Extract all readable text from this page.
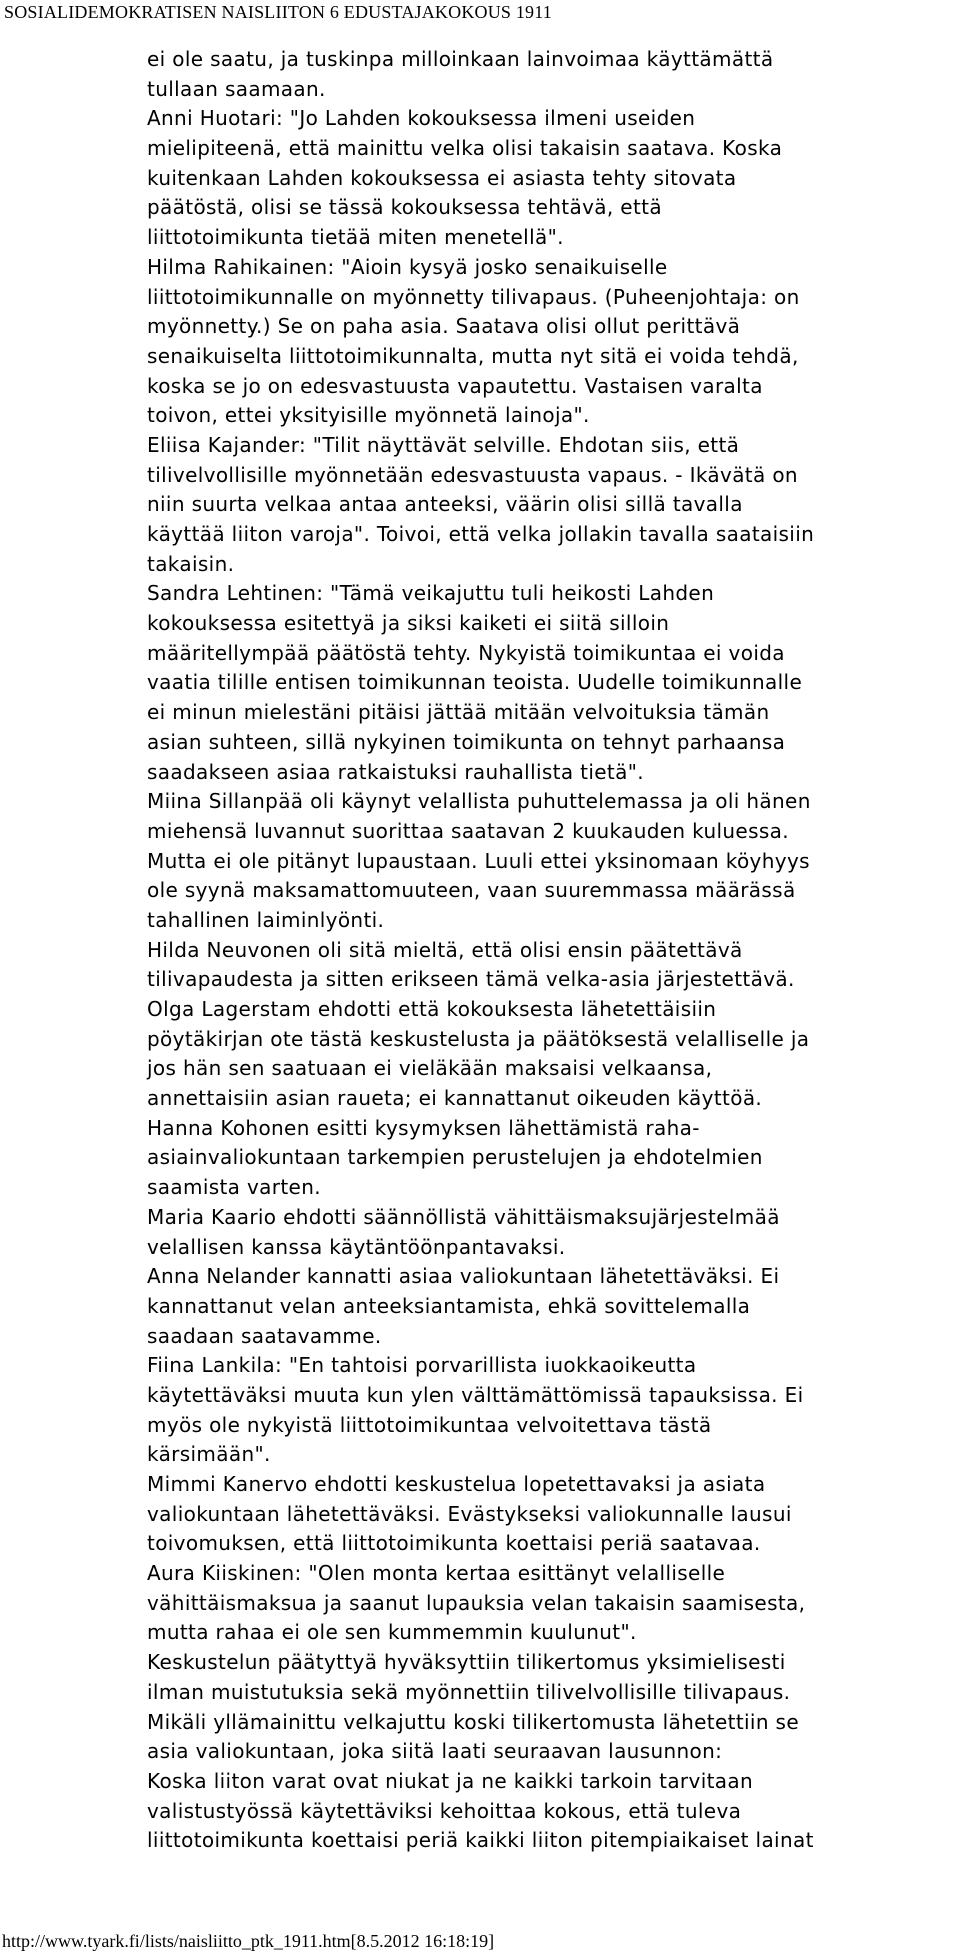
SOSIALIDEMOKRATISEN NAISLIITON 6 EDUSTAJAKOKOUS 1911
ei ole saatu, ja tuskinpa milloinkaan lainvoimaa käyttämättä
tullaan saamaan.
Anni Huotari: "Jo Lahden kokouksessa ilmeni useiden
mielipiteenä, että mainittu velka olisi takaisin saatava. Koska
kuitenkaan Lahden kokouksessa ei asiasta tehty sitovata
päätöstä, olisi se tässä kokouksessa tehtävä, että
liittotoimikunta tietää miten menetellä".
Hilma Rahikainen: "Aioin kysyä josko senaikuiselle
liittotoimikunnalle on myönnetty tilivapaus. (Puheenjohtaja: on
myönnetty.) Se on paha asia. Saatava olisi ollut perittävä
senaikuiselta liittotoimikunnalta, mutta nyt sitä ei voida tehdä,
koska se jo on edesvastuusta vapautettu. Vastaisen varalta
toivon, ettei yksityisille myönnetä lainoja".
Eliisa Kajander: "Tilit näyttävät selville. Ehdotan siis, että
tilivelvollisille myönnetään edesvastuusta vapaus. - Ikävätä on
niin suurta velkaa antaa anteeksi, väärin olisi sillä tavalla
käyttää liiton varoja". Toivoi, että velka jollakin tavalla saataisiin
takaisin.
Sandra Lehtinen: "Tämä veikajuttu tuli heikosti Lahden
kokouksessa esitettyä ja siksi kaiketi ei siitä silloin
määritellympää päätöstä tehty. Nykyistä toimikuntaa ei voida
vaatia tilille entisen toimikunnan teoista. Uudelle toimikunnalle
ei minun mielestäni pitäisi jättää mitään velvoituksia tämän
asian suhteen, sillä nykyinen toimikunta on tehnyt parhaansa
saadakseen asiaa ratkaistuksi rauhallista tietä".
Miina Sillanpää oli käynyt velallista puhuttelemassa ja oli hänen
miehensä luvannut suorittaa saatavan 2 kuukauden kuluessa.
Mutta ei ole pitänyt lupaustaan. Luuli ettei yksinomaan köyhyys
ole syynä maksamattomuuteen, vaan suuremmassa määrässä
tahallinen laiminlyönti.
Hilda Neuvonen oli sitä mieltä, että olisi ensin päätettävä
tilivapaudesta ja sitten erikseen tämä velka-asia järjestettävä.
Olga Lagerstam ehdotti että kokouksesta lähetettäisiin
pöytäkirjan ote tästä keskustelusta ja päätöksestä velalliselle ja
jos hän sen saatuaan ei vieläkään maksaisi velkaansa,
annettaisiin asian raueta; ei kannattanut oikeuden käyttöä.
Hanna Kohonen esitti kysymyksen lähettämistä raha-
asiainvaliokuntaan tarkempien perustelujen ja ehdotelmien
saamista varten.
Maria Kaario ehdotti säännöllistä vähittäismaksujärjestelmää
velallisen kanssa käytäntöönpantavaksi.
Anna Nelander kannatti asiaa valiokuntaan lähetettäväksi. Ei
kannattanut velan anteeksiantamista, ehkä sovittelemalla
saadaan saatavamme.
Fiina Lankila: "En tahtoisi porvarillista iuokkaoikeutta
käytettäväksi muuta kun ylen välttämättömissä tapauksissa. Ei
myös ole nykyistä liittotoimikuntaa velvoitettava tästä
kärsimään".
Mimmi Kanervo ehdotti keskustelua lopetettavaksi ja asiata
valiokuntaan lähetettäväksi. Evästykseksi valiokunnalle lausui
toivomuksen, että liittotoimikunta koettaisi periä saatavaa.
Aura Kiiskinen: "Olen monta kertaa esittänyt velalliselle
vähittäismaksua ja saanut lupauksia velan takaisin saamisesta,
mutta rahaa ei ole sen kummemmin kuulunut".
Keskustelun päätyttyä hyväksyttiin tilikertomus yksimielisesti
ilman muistutuksia sekä myönnettiin tilivelvollisille tilivapaus.
Mikäli yllämainittu velkajuttu koski tilikertomusta lähetettiin se
asia valiokuntaan, joka siitä laati seuraavan lausunnon:
Koska liiton varat ovat niukat ja ne kaikki tarkoin tarvitaan
valistustyössä käytettäviksi kehoittaa kokous, että tuleva
liittotoimikunta koettaisi periä kaikki liiton pitempiaikaiset lainat
http://www.tyark.fi/lists/naisliitto_ptk_1911.htm[8.5.2012 16:18:19]
